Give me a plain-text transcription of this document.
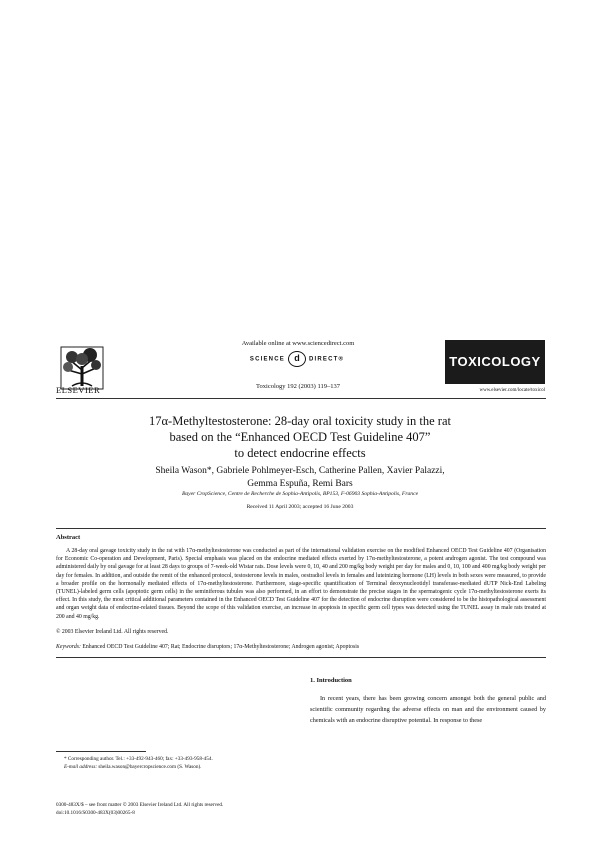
ELSEVIER
Available online at www.sciencedirect.com
SCIENCE d DIRECT®
Toxicology 192 (2003) 119–137
TOXICOLOGY
www.elsevier.com/locate/toxicol
17α-Methyltestosterone: 28-day oral toxicity study in the rat
based on the “Enhanced OECD Test Guideline 407”
to detect endocrine effects
Sheila Wason*, Gabriele Pohlmeyer-Esch, Catherine Pallen, Xavier Palazzi,
Gemma Espuña, Remi Bars
Bayer CropScience, Centre de Recherche de Sophia-Antipolis, BP153, F-06903 Sophia-Antipolis, France
Received 11 April 2003; accepted 16 June 2003
Abstract
A 28-day oral gavage toxicity study in the rat with 17α-methyltestosterone was conducted as part of the international validation exercise on the modified Enhanced OECD Test Guideline 407 (Organisation for Economic Co-operation and Development, Paris). Special emphasis was placed on the endocrine mediated effects exerted by 17α-methyltestosterone, a potent androgen agonist. The test compound was administered daily by oral gavage for at least 28 days to groups of 7-week-old Wistar rats. Dose levels were 0, 10, 40 and 200 mg/kg body weight per day for males and 0, 10, 100 and 400 mg/kg body weight per day for females. In addition, and outside the remit of the enhanced protocol, testosterone levels in males, oestradiol levels in females and luteinizing hormone (LH) levels in both sexes were measured, to provide a broader profile on the hormonally mediated effects of 17α-methyltestosterone. Furthermore, stage-specific quantification of Terminal deoxynucleotidyl transferase-mediated dUTP Nick-End Labeling (TUNEL)-labeled germ cells (apoptotic germ cells) in the seminiferous tubules was also performed, in an effort to demonstrate the precise stages in the spermatogenic cycle 17α-methyltestosterone exerts its effect. In this study, the most critical additional parameters contained in the Enhanced OECD Test Guideline 407 for the detection of endocrine disruption were considered to be the histopathological assessment and organ weight data of endocrine-related tissues. Beyond the scope of this validation exercise, an increase in apoptosis in specific germ cell types was detected using the TUNEL assay in male rats treated at 200 and 40 mg/kg.
© 2003 Elsevier Ireland Ltd. All rights reserved.
Keywords: Enhanced OECD Test Guideline 407; Rat; Endocrine disruptors; 17α-Methyltestosterone; Androgen agonist; Apoptosis
1. Introduction
In recent years, there has been growing concern amongst both the general public and scientific community regarding the adverse effects on man and the environment caused by chemicals with an endocrine disruptive potential. In response to these
* Corresponding author. Tel.: +33-492-943-460; fax: +33-493-958-454.
E-mail address: sheila.wason@bayercropscience.com (S. Wason).
0300-483X/$ – see front matter © 2003 Elsevier Ireland Ltd. All rights reserved.
doi:10.1016/S0300-483X(03)00265-8
